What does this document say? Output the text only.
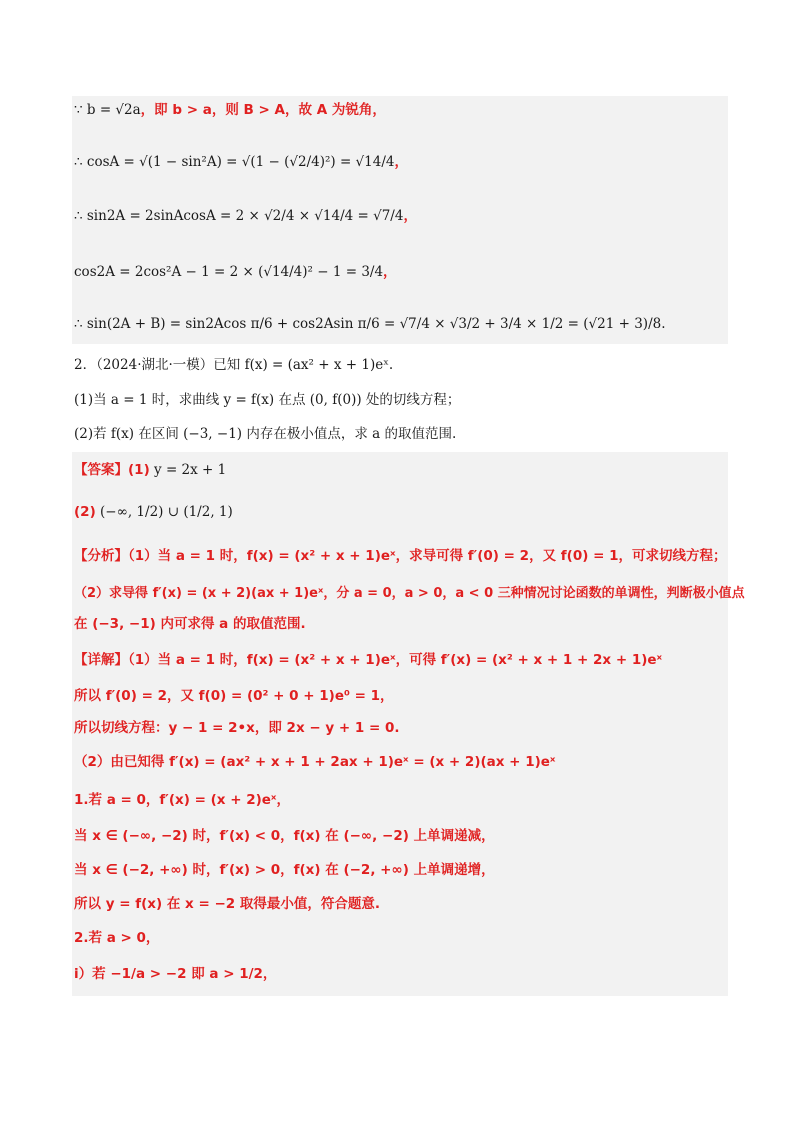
∵ b = √2a，即 b > a，则 B > A，故 A 为锐角，
∴ cosA = √(1 − sin²A) = √(1 − (√2/4)²) = √14/4，
∴ sin2A = 2sinAcosA = 2 × √2/4 × √14/4 = √7/4，
cos2A = 2cos²A − 1 = 2 × (√14/4)² − 1 = 3/4，
∴ sin(2A + B) = sin2Acos π/6 + cos2Asin π/6 = √7/4 × √3/2 + 3/4 × 1/2 = (√21 + 3)/8.
2．（2024·湖北·一模）已知 f(x) = (ax² + x + 1)eˣ.
(1)当 a = 1 时，求曲线 y = f(x) 在点 (0, f(0)) 处的切线方程；
(2)若 f(x) 在区间 (−3, −1) 内存在极小值点，求 a 的取值范围.
【答案】(1) y = 2x + 1
(2) (−∞, 1/2) ∪ (1/2, 1)
【分析】（1）当 a = 1 时，f(x) = (x² + x + 1)eˣ，求导可得 f′(0) = 2，又 f(0) = 1，可求切线方程；
（2）求导得 f′(x) = (x + 2)(ax + 1)eˣ，分 a = 0，a > 0，a < 0 三种情况讨论函数的单调性，判断极小值点
在 (−3, −1) 内可求得 a 的取值范围.
【详解】（1）当 a = 1 时，f(x) = (x² + x + 1)eˣ，可得 f′(x) = (x² + x + 1 + 2x + 1)eˣ
所以 f′(0) = 2，又 f(0) = (0² + 0 + 1)e⁰ = 1，
所以切线方程：y − 1 = 2•x，即 2x − y + 1 = 0.
（2）由已知得 f′(x) = (ax² + x + 1 + 2ax + 1)eˣ = (x + 2)(ax + 1)eˣ
1.若 a = 0，f′(x) = (x + 2)eˣ，
当 x ∈ (−∞, −2) 时，f′(x) < 0，f(x) 在 (−∞, −2) 上单调递减，
当 x ∈ (−2, +∞) 时，f′(x) > 0，f(x) 在 (−2, +∞) 上单调递增，
所以 y = f(x) 在 x = −2 取得最小值，符合题意.
2.若 a > 0，
i）若 −1/a > −2 即 a > 1/2，
